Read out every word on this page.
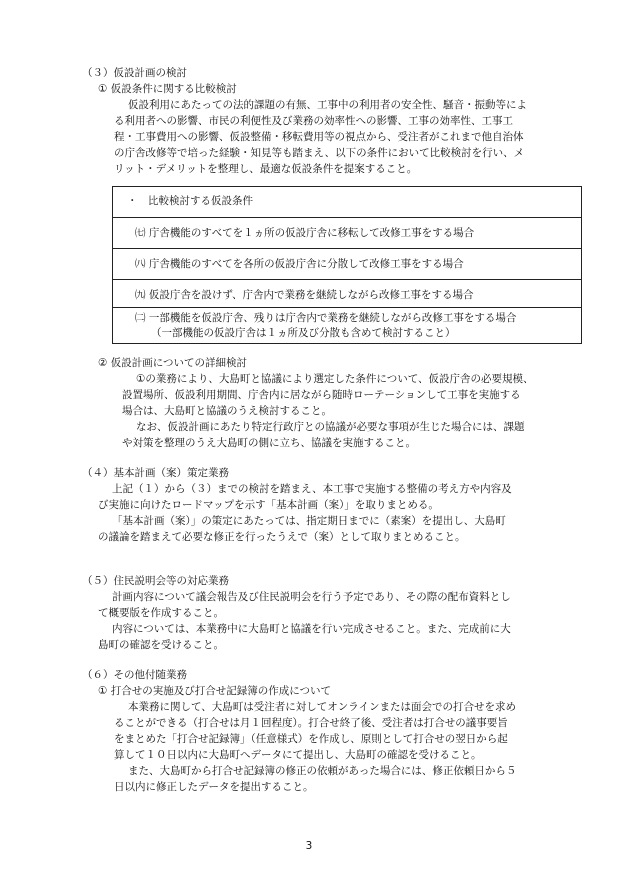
（３）仮設計画の検討
① 仮設条件に関する比較検討
仮設利用にあたっての法的課題の有無、工事中の利用者の安全性、騒音・振動等によ
る利用者への影響、市民の利便性及び業務の効率性への影響、工事の効率性、工事工
程・工事費用への影響、仮設整備・移転費用等の視点から、受注者がこれまで他自治体
の庁舎改修等で培った経験・知見等も踏まえ、以下の条件において比較検討を行い、メ
リット・デメリットを整理し、最適な仮設条件を提案すること。
・　比較検討する仮設条件
㈦ 庁舎機能のすべてを１ヵ所の仮設庁舎に移転して改修工事をする場合
㈧ 庁舎機能のすべてを各所の仮設庁舎に分散して改修工事をする場合
㈨ 仮設庁舎を設けず、庁舎内で業務を継続しながら改修工事をする場合
㈡ 一部機能を仮設庁舎、残りは庁舎内で業務を継続しながら改修工事をする場合
（一部機能の仮設庁舎は１ヵ所及び分散も含めて検討すること）
② 仮設計画についての詳細検討
①の業務により、大島町と協議により選定した条件について、仮設庁舎の必要規模、
設置場所、仮設利用期間、庁舎内に居ながら随時ローテーションして工事を実施する
場合は、大島町と協議のうえ検討すること。
なお、仮設計画にあたり特定行政庁との協議が必要な事項が生じた場合には、課題
や対策を整理のうえ大島町の側に立ち、協議を実施すること。
（４）基本計画（案）策定業務
上記（１）から（３）までの検討を踏まえ、本工事で実施する整備の考え方や内容及
び実施に向けたロードマップを示す「基本計画（案）」を取りまとめる。
「基本計画（案）」の策定にあたっては、指定期日までに（素案）を提出し、大島町
の議論を踏まえて必要な修正を行ったうえで（案）として取りまとめること。
（５）住民説明会等の対応業務
計画内容について議会報告及び住民説明会を行う予定であり、その際の配布資料とし
て概要版を作成すること。
内容については、本業務中に大島町と協議を行い完成させること。また、完成前に大
島町の確認を受けること。
（６）その他付随業務
① 打合せの実施及び打合せ記録簿の作成について
本業務に関して、大島町は受注者に対してオンラインまたは面会での打合せを求め
ることができる（打合せは月１回程度）。打合せ終了後、受注者は打合せの議事要旨
をまとめた「打合せ記録簿」（任意様式）を作成し、原則として打合せの翌日から起
算して１０日以内に大島町へデータにて提出し、大島町の確認を受けること。
また、大島町から打合せ記録簿の修正の依頼があった場合には、修正依頼日から５
日以内に修正したデータを提出すること。
3
